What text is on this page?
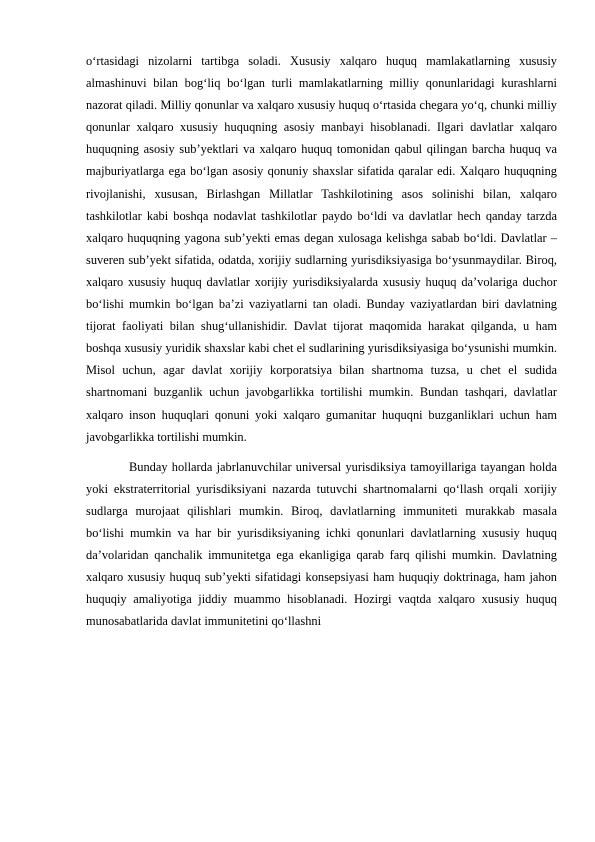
o‘rtasidagi nizolarni tartibga soladi. Xususiy xalqaro huquq mamlakatlarning xususiy almashinuvi bilan bog‘liq bo‘lgan turli mamlakatlarning milliy qonunlaridagi kurashlarni nazorat qiladi. Milliy qonunlar va xalqaro xususiy huquq o‘rtasida chegara yo‘q, chunki milliy qonunlar xalqaro xususiy huquqning asosiy manbayi hisoblanadi. Ilgari davlatlar xalqaro huquqning asosiy sub’yektlari va xalqaro huquq tomonidan qabul qilingan barcha huquq va majburiyatlarga ega bo‘lgan asosiy qonuniy shaxslar sifatida qaralar edi. Xalqaro huquqning rivojlanishi, xususan, Birlashgan Millatlar Tashkilotining asos solinishi bilan, xalqaro tashkilotlar kabi boshqa nodavlat tashkilotlar paydo bo‘ldi va davlatlar hech qanday tarzda xalqaro huquqning yagona sub’yekti emas degan xulosaga kelishga sabab bo‘ldi. Davlatlar – suveren sub’yekt sifatida, odatda, xorijiy sudlarning yurisdiksiyasiga bo‘ysunmaydilar. Biroq, xalqaro xususiy huquq davlatlar xorijiy yurisdiksiyalarda xususiy huquq da’volariga duchor bo‘lishi mumkin bo‘lgan ba’zi vaziyatlarni tan oladi. Bunday vaziyatlardan biri davlatning tijorat faoliyati bilan shug‘ullanishidir. Davlat tijorat maqomida harakat qilganda, u ham boshqa xususiy yuridik shaxslar kabi chet el sudlarining yurisdiksiyasiga bo‘ysunishi mumkin. Misol uchun, agar davlat xorijiy korporatsiya bilan shartnoma tuzsa, u chet el sudida shartnomani buzganlik uchun javobgarlikka tortilishi mumkin. Bundan tashqari, davlatlar xalqaro inson huquqlari qonuni yoki xalqaro gumanitar huquqni buzganliklari uchun ham javobgarlikka tortilishi mumkin.

Bunday hollarda jabrlanuvchilar universal yurisdiksiya tamoyillariga tayangan holda yoki ekstraterritorial yurisdiksiyani nazarda tutuvchi shartnomalarni qo‘llash orqali xorijiy sudlarga murojaat qilishlari mumkin. Biroq, davlatlarning immuniteti murakkab masala bo‘lishi mumkin va har bir yurisdiksiyaning ichki qonunlari davlatlarning xususiy huquq da’volaridan qanchalik immunitetga ega ekanligiga qarab farq qilishi mumkin. Davlatning xalqaro xususiy huquq sub’yekti sifatidagi konsepsiyasi ham huquqiy doktrinaga, ham jahon huquqiy amaliyotiga jiddiy muammo hisoblanadi. Hozirgi vaqtda xalqaro xususiy huquq munosabatlarida davlat immunitetini qo‘llashni
